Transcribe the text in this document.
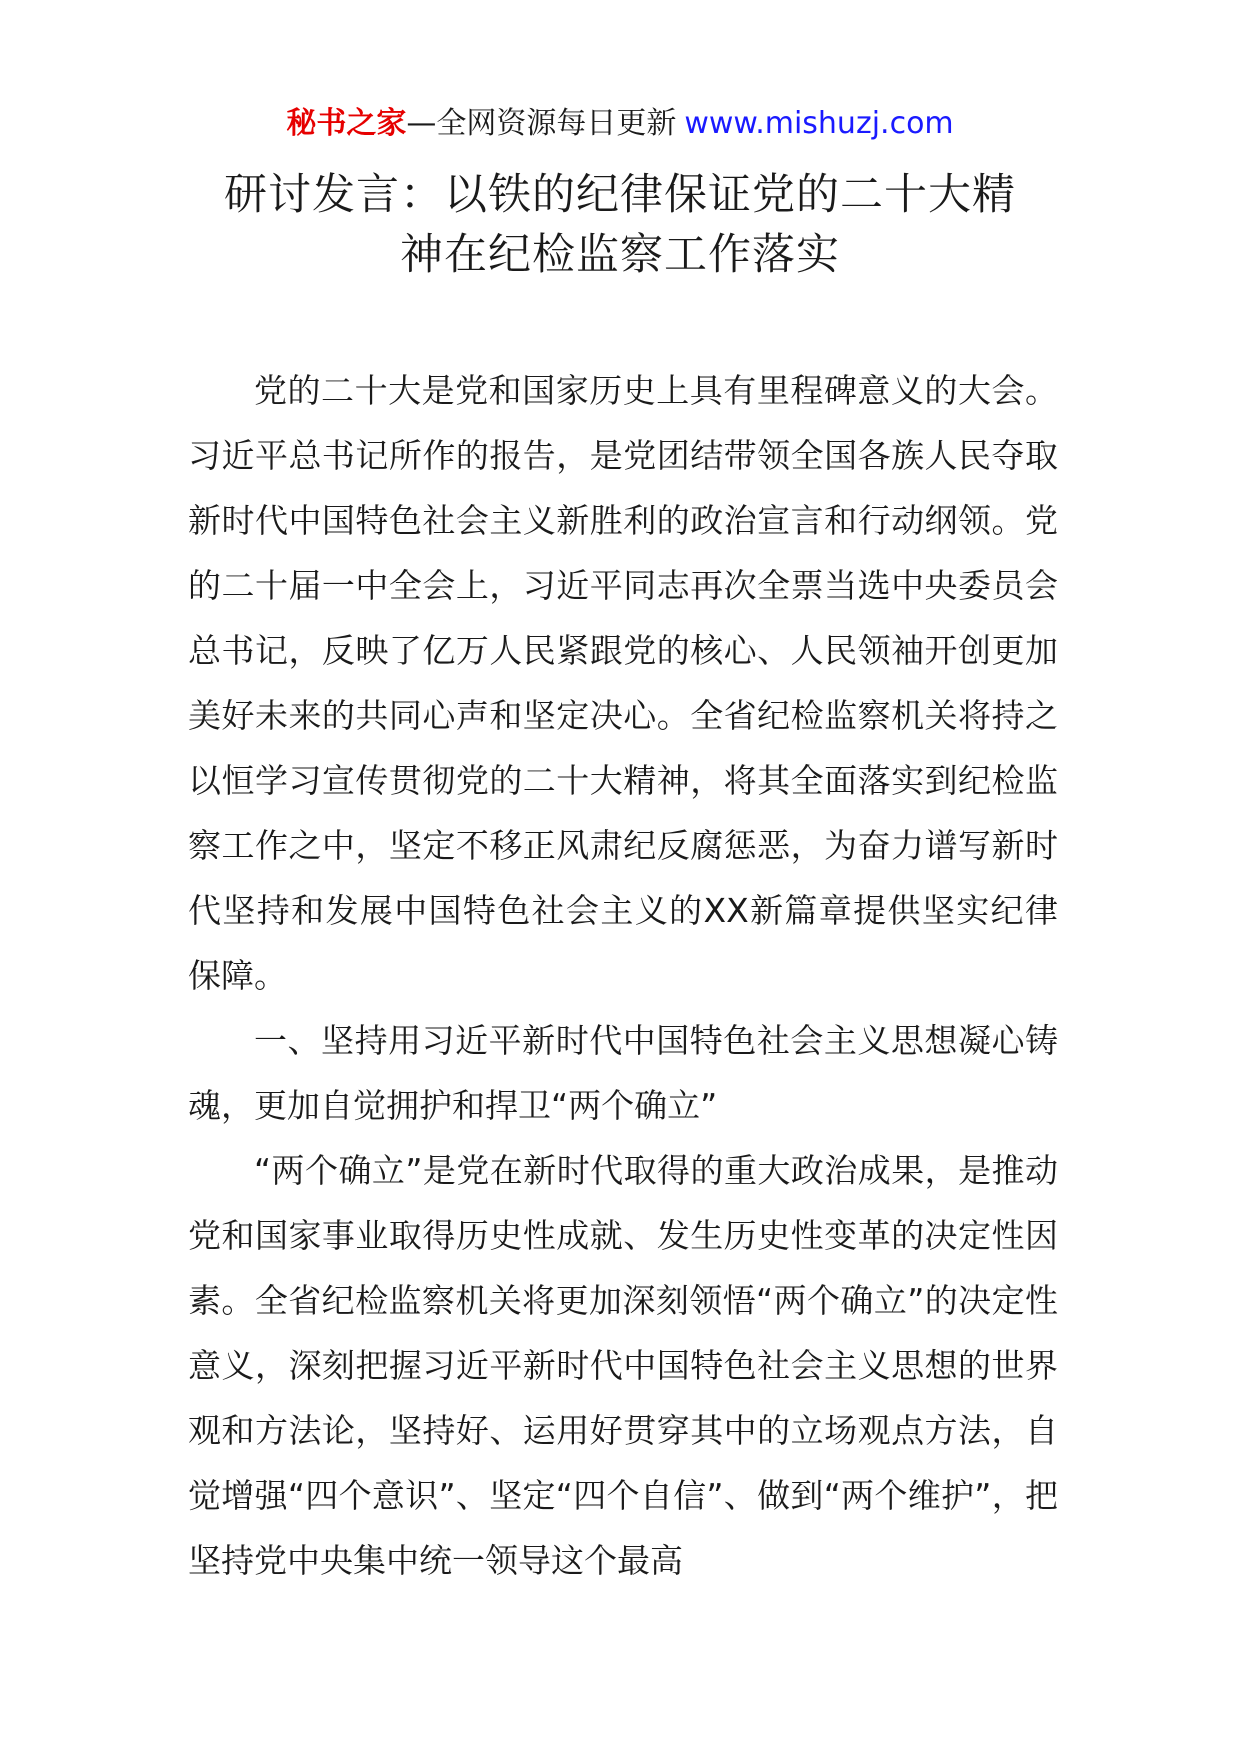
秘书之家—全网资源每日更新 www.mishuzj.com
研讨发言：以铁的纪律保证党的二十大精
神在纪检监察工作落实

党的二十大是党和国家历史上具有里程碑意义的大会。习近平总书记所作的报告，是党团结带领全国各族人民夺取新时代中国特色社会主义新胜利的政治宣言和行动纲领。党的二十届一中全会上，习近平同志再次全票当选中央委员会总书记，反映了亿万人民紧跟党的核心、人民领袖开创更加美好未来的共同心声和坚定决心。全省纪检监察机关将持之以恒学习宣传贯彻党的二十大精神，将其全面落实到纪检监察工作之中，坚定不移正风肃纪反腐惩恶，为奋力谱写新时代坚持和发展中国特色社会主义的XX新篇章提供坚实纪律保障。

一、坚持用习近平新时代中国特色社会主义思想凝心铸魂，更加自觉拥护和捍卫“两个确立”

“两个确立”是党在新时代取得的重大政治成果，是推动党和国家事业取得历史性成就、发生历史性变革的决定性因素。全省纪检监察机关将更加深刻领悟“两个确立”的决定性意义，深刻把握习近平新时代中国特色社会主义思想的世界观和方法论，坚持好、运用好贯穿其中的立场观点方法，自觉增强“四个意识”、坚定“四个自信”、做到“两个维护”，把坚持党中央集中统一领导这个最高
